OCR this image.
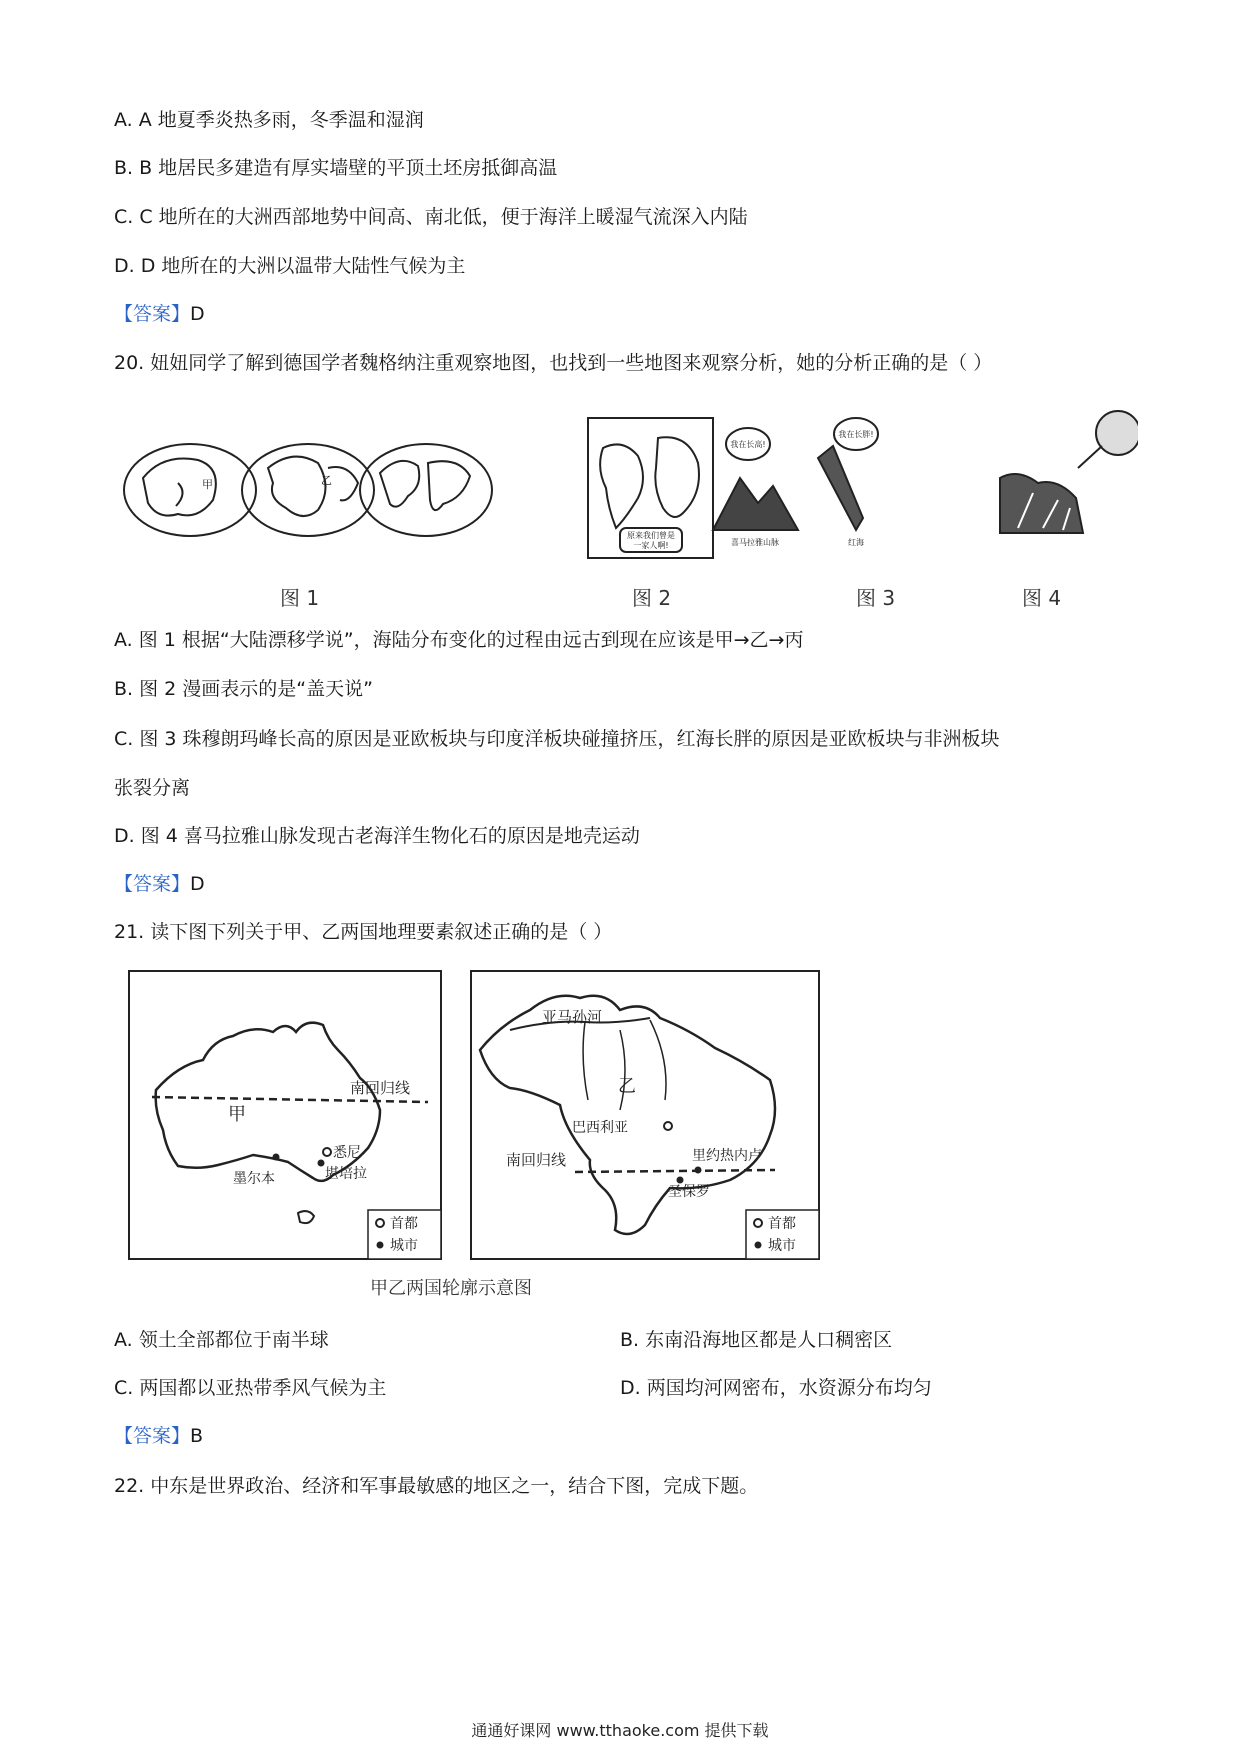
A. A 地夏季炎热多雨，冬季温和湿润
B. B 地居民多建造有厚实墙壁的平顶土坯房抵御高温
C. C 地所在的大洲西部地势中间高、南北低，便于海洋上暖湿气流深入内陆
D. D 地所在的大洲以温带大陆性气候为主
【答案】D
20. 妞妞同学了解到德国学者魏格纳注重观察地图，也找到一些地图来观察分析，她的分析正确的是（ ）
甲	乙
原来我们曾是
一家人啊!
我在长高!
我在长胖!
喜马拉雅山脉	红海
图 1	图 2	图 3	图 4
A. 图 1 根据“大陆漂移学说”，海陆分布变化的过程由远古到现在应该是甲→乙→丙
B. 图 2 漫画表示的是“盖天说”
C. 图 3 珠穆朗玛峰长高的原因是亚欧板块与印度洋板块碰撞挤压，红海长胖的原因是亚欧板块与非洲板块
张裂分离
D. 图 4 喜马拉雅山脉发现古老海洋生物化石的原因是地壳运动
【答案】D
21. 读下图下列关于甲、乙两国地理要素叙述正确的是（ ）
南回归线
甲
悉尼
堪培拉
墨尔本
首都
城市
南回归线
亚马孙河
乙
巴西利亚
里约热内卢
圣保罗
首都
城市
甲乙两国轮廓示意图
A. 领土全部都位于南半球	B. 东南沿海地区都是人口稠密区
C. 两国都以亚热带季风气候为主	D. 两国均河网密布，水资源分布均匀
【答案】B
22. 中东是世界政治、经济和军事最敏感的地区之一，结合下图，完成下题。
通通好课网 www.tthaoke.com 提供下载
